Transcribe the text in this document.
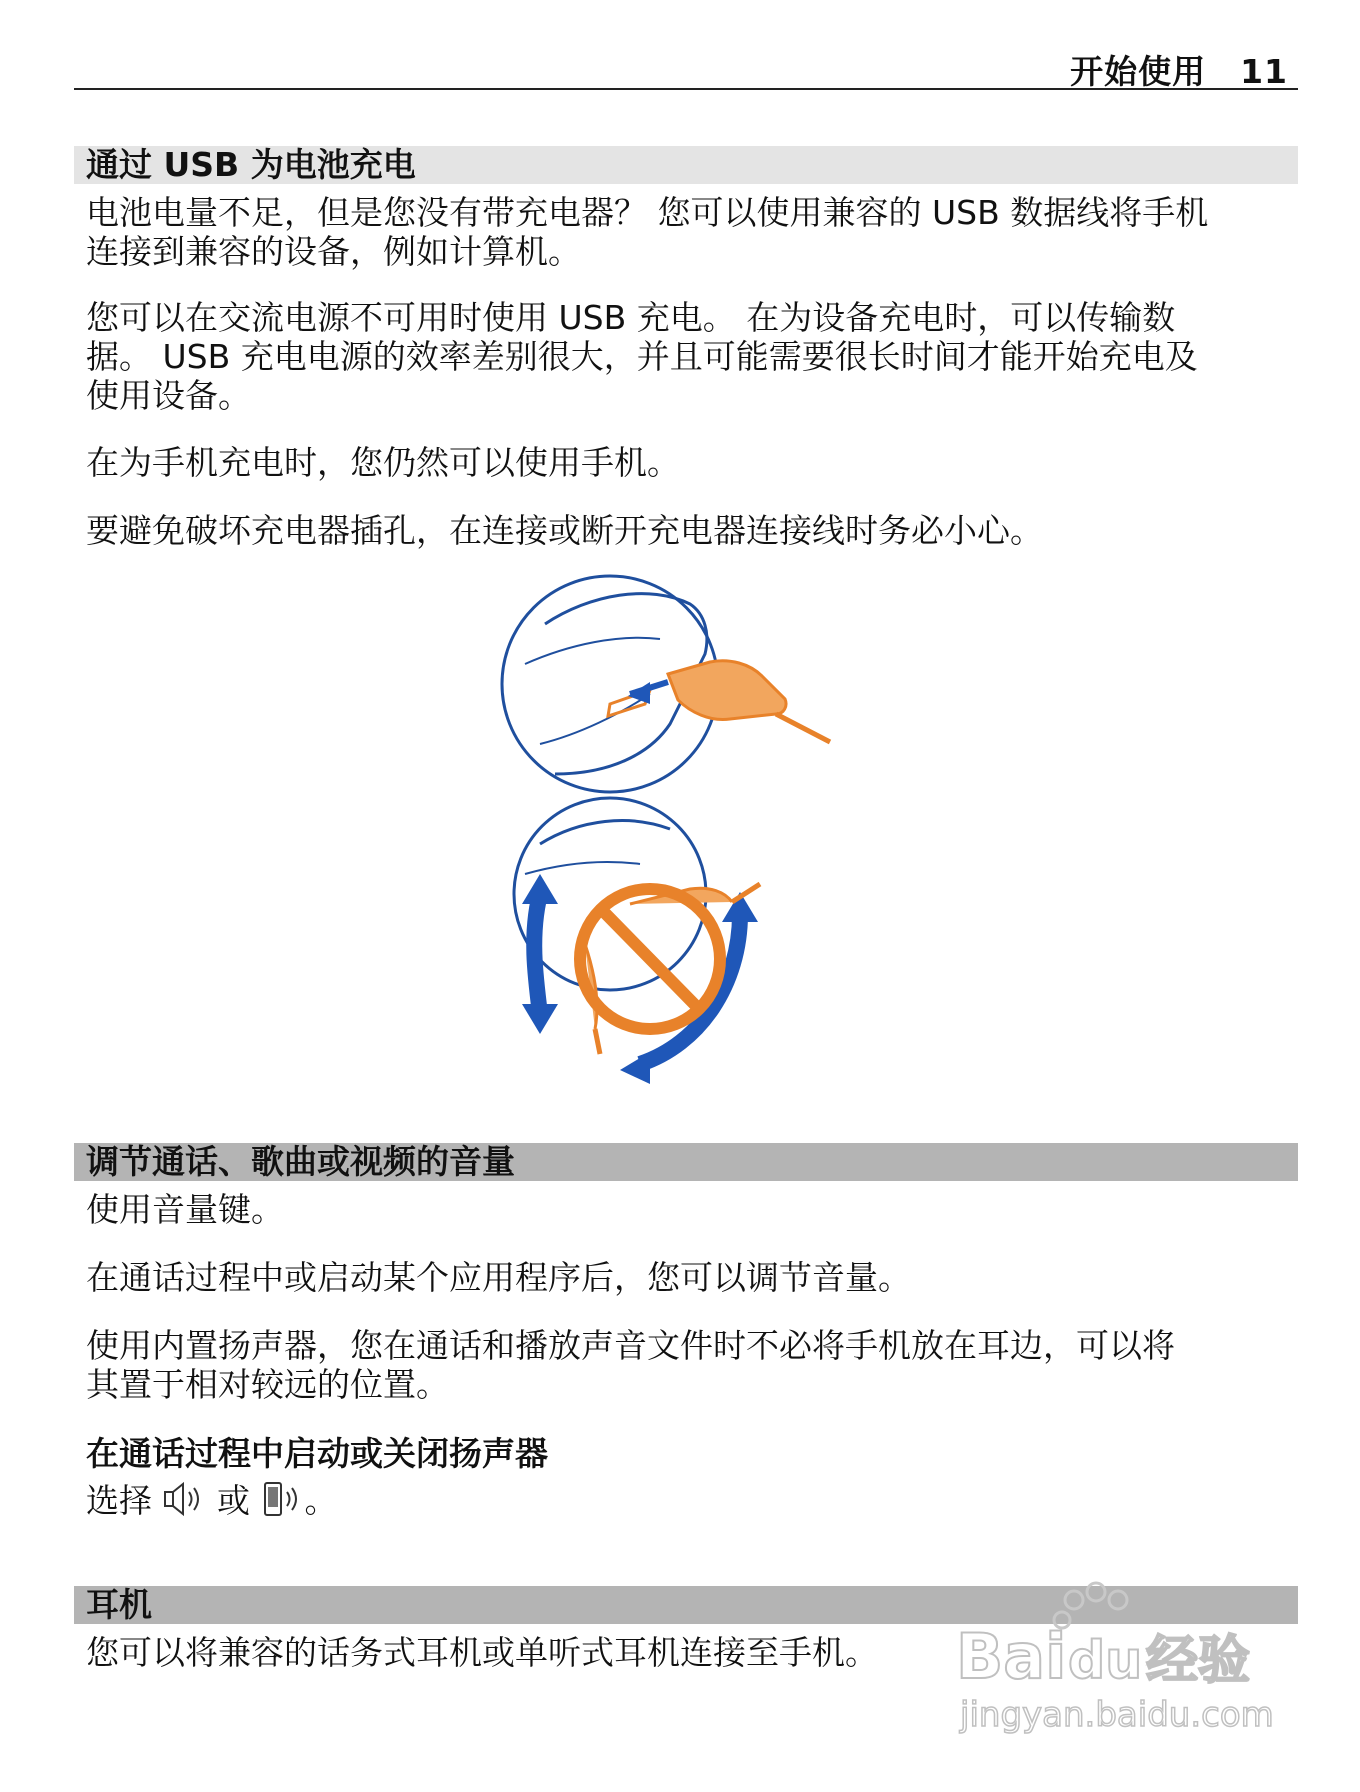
开始使用 11
通过 USB 为电池充电

电池电量不足，但是您没有带充电器？ 您可以使用兼容的 USB 数据线将手机

连接到兼容的设备，例如计算机。

您可以在交流电源不可用时使用 USB 充电。 在为设备充电时，可以传输数

据。 USB 充电电源的效率差别很大，并且可能需要很长时间才能开始充电及

使用设备。

在为手机充电时，您仍然可以使用手机。

要避免破坏充电器插孔，在连接或断开充电器连接线时务必小心。

调节通话、歌曲或视频的音量

使用音量键。

在通话过程中或启动某个应用程序后，您可以调节音量。

使用内置扬声器，您在通话和播放声音文件时不必将手机放在耳边，可以将

其置于相对较远的位置。

在通话过程中启动或关闭扬声器

选择 或 。

耳机

您可以将兼容的话务式耳机或单听式耳机连接至手机。	Bai du 经验
jingyan.baidu.com
